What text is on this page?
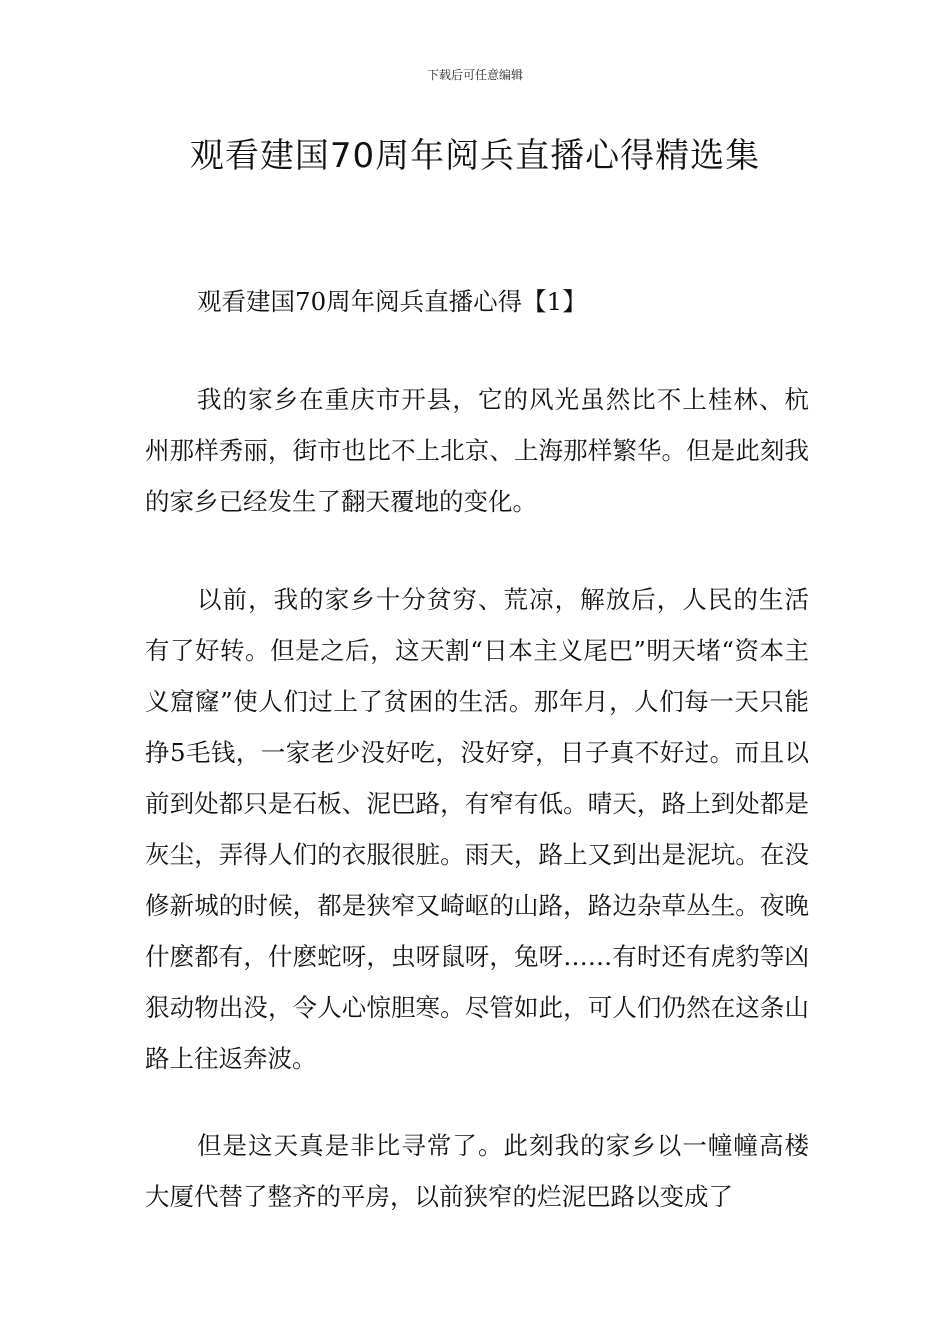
下载后可任意编辑
观看建国70周年阅兵直播心得精选集

观看建国70周年阅兵直播心得【1】

我的家乡在重庆市开县，它的风光虽然比不上桂林、杭州那样秀丽，街市也比不上北京、上海那样繁华。但是此刻我的家乡已经发生了翻天覆地的变化。

以前，我的家乡十分贫穷、荒凉，解放后，人民的生活有了好转。但是之后，这天割“日本主义尾巴”明天堵“资本主义窟窿”使人们过上了贫困的生活。那年月，人们每一天只能挣5毛钱，一家老少没好吃，没好穿，日子真不好过。而且以前到处都只是石板、泥巴路，有窄有低。晴天，路上到处都是灰尘，弄得人们的衣服很脏。雨天，路上又到出是泥坑。在没修新城的时候，都是狭窄又崎岖的山路，路边杂草丛生。夜晚什麽都有，什麽蛇呀，虫呀鼠呀，兔呀……有时还有虎豹等凶狠动物出没，令人心惊胆寒。尽管如此，可人们仍然在这条山路上往返奔波。

但是这天真是非比寻常了。此刻我的家乡以一幢幢高楼大厦代替了整齐的平房，以前狭窄的烂泥巴路以变成了
